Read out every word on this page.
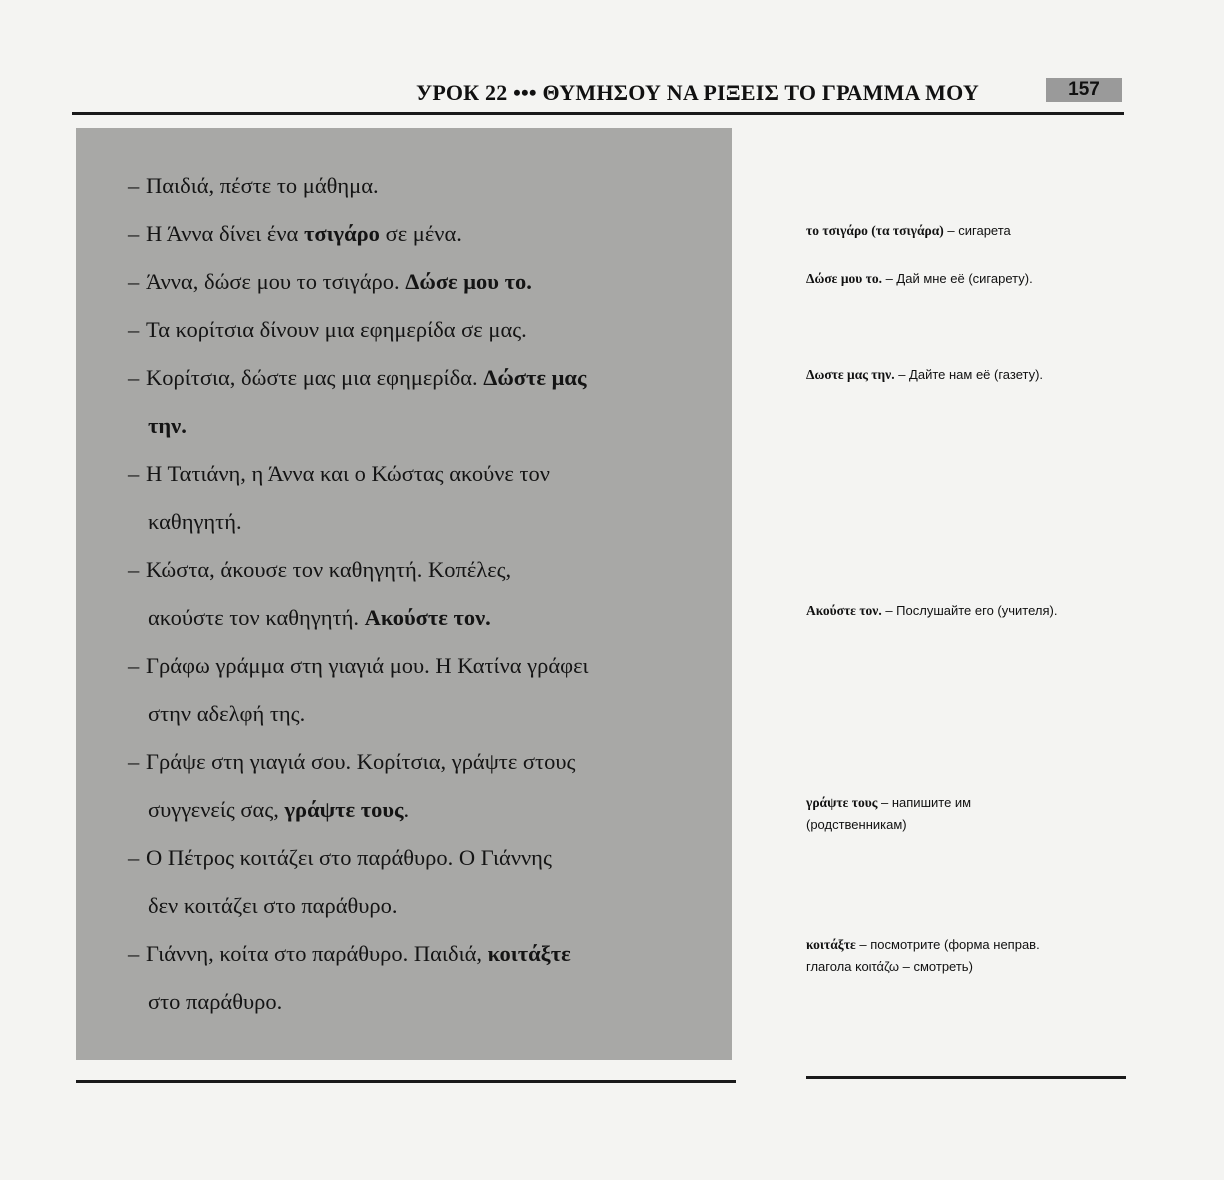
УРОК 22 ••• ΘΥΜΗΣΟΥ ΝΑ ΡΙΞΕΙΣ ΤΟ ΓΡΑΜΜΑ ΜΟΥ	157
– Παιδιά, πέστε το μάθημα.
– Η Άννα δίνει ένα τσιγάρο σε μένα.
– Άννα, δώσε μου το τσιγάρο. Δώσε μου το.
– Τα κορίτσια δίνουν μια εφημερίδα σε μας.
– Κορίτσια, δώστε μας μια εφημερίδα. Δώστε μας
την.
– Η Τατιάνη, η Άννα και ο Κώστας ακούνε τον
καθηγητή.
– Κώστα, άκουσε τον καθηγητή. Κοπέλες,
ακούστε τον καθηγητή. Ακούστε τον.
– Γράφω γράμμα στη γιαγιά μου. Η Κατίνα γράφει
στην αδελφή της.
– Γράψε στη γιαγιά σου. Κορίτσια, γράψτε στους
συγγενείς σας, γράψτε τους.
– Ο Πέτρος κοιτάζει στο παράθυρο. Ο Γιάννης
δεν κοιτάζει στο παράθυρο.
– Γιάννη, κοίτα στο παράθυρο. Παιδιά, κοιτάξτε
στο παράθυρο.
το τσιγάρο (τα τσιγάρα) – сигарета
Δώσε μου το. – Дай мне её (сигарету).
Δωστε μας την. – Дайте нам её (газету).
Ακούστε τον. – Послушайте его (учителя).
γράψτε τους – напишите им
(родственникам)
κοιτάξτε – посмотрите (форма неправ.
глагола κοιτάζω – смотреть)
